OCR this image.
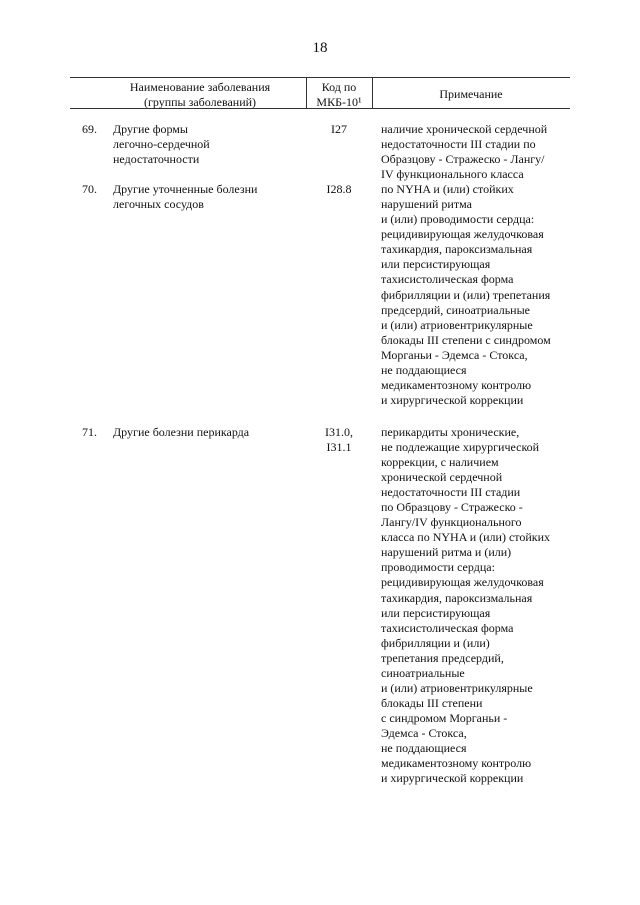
18
Наименование заболевания
(группы заболеваний)
Код по
МКБ-10¹
Примечание
69. Другие формы
легочно-сердечной
недостаточности
I27	наличие хронической сердечной
недостаточности III стадии по
Образцову - Стражеско - Лангу/
IV функционального класса
по NYHA и (или) стойких
нарушений ритма
и (или) проводимости сердца:
рецидивирующая желудочковая
тахикардия, пароксизмальная
или персистирующая
тахисистолическая форма
фибрилляции и (или) трепетания
предсердий, синоатриальные
и (или) атриовентрикулярные
блокады III степени с синдромом
Морганьи - Эдемса - Стокса,
не поддающиеся
медикаментозному контролю
и хирургической коррекции
70. Другие уточненные болезни
легочных сосудов
I28.8
71. Другие болезни перикарда	I31.0,
I31.1
перикардиты хронические,
не подлежащие хирургической
коррекции, с наличием
хронической сердечной
недостаточности III стадии
по Образцову - Стражеско -
Лангу/IV функционального
класса по NYHA и (или) стойких
нарушений ритма и (или)
проводимости сердца:
рецидивирующая желудочковая
тахикардия, пароксизмальная
или персистирующая
тахисистолическая форма
фибрилляции и (или)
трепетания предсердий,
синоатриальные
и (или) атриовентрикулярные
блокады III степени
с синдромом Морганьи -
Эдемса - Стокса,
не поддающиеся
медикаментозному контролю
и хирургической коррекции
